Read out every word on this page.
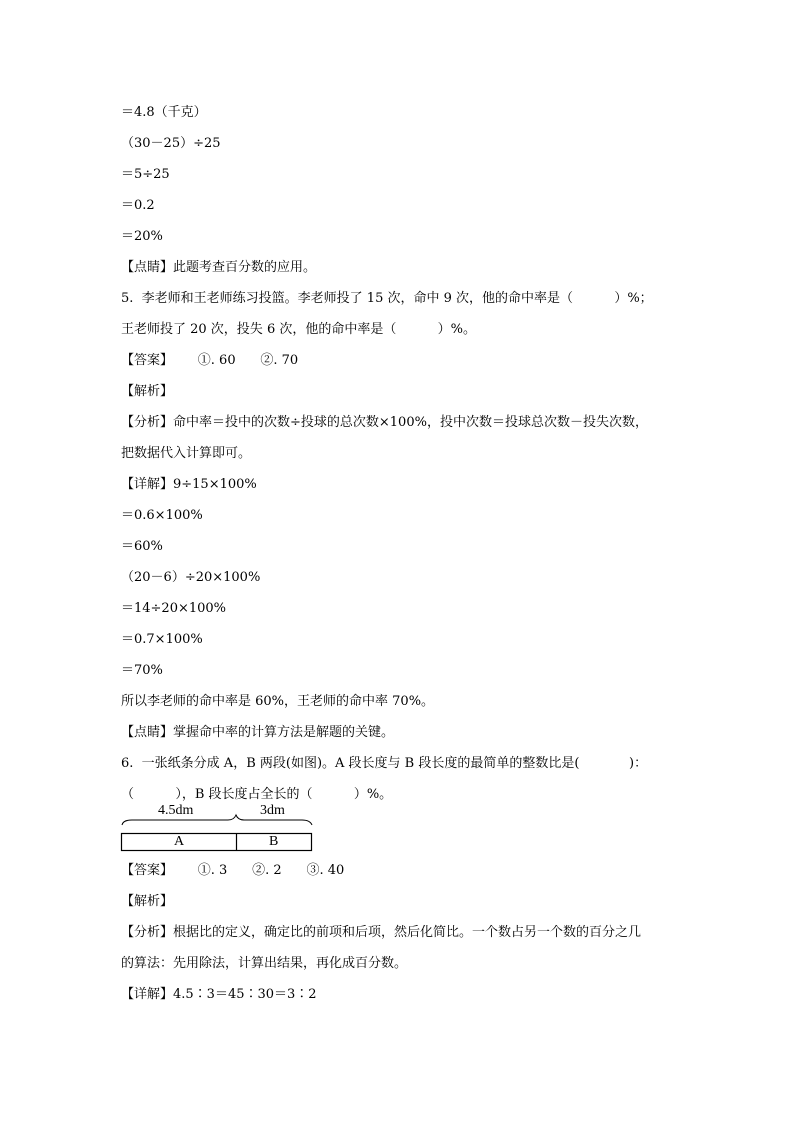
＝4.8（千克）
（30－25）÷25
＝5÷25
＝0.2
＝20%
【点睛】此题考查百分数的应用。
5.  李老师和王老师练习投篮。李老师投了 15 次，命中 9 次，他的命中率是（          ）%；
王老师投了 20 次，投失 6 次，他的命中率是（          ）%。
【答案】      ①. 60      ②. 70
【解析】
【分析】命中率＝投中的次数÷投球的总次数×100%，投中次数＝投球总次数－投失次数，
把数据代入计算即可。
【详解】9÷15×100%
＝0.6×100%
＝60%
（20－6）÷20×100%
＝14÷20×100%
＝0.7×100%
＝70%
所以李老师的命中率是 60%，王老师的命中率 70%。
【点睛】掌握命中率的计算方法是解题的关键。
6.  一张纸条分成 A，B 两段(如图)。A 段长度与 B 段长度的最简单的整数比是(            )：
（          ），B 段长度占全长的（          ）%。
4.5dm	3dm
A	B
【答案】      ①. 3      ②. 2      ③. 40
【解析】
【分析】根据比的定义，确定比的前项和后项，然后化简比。一个数占另一个数的百分之几
的算法：先用除法，计算出结果，再化成百分数。
【详解】4.5∶3＝45∶30＝3∶2
